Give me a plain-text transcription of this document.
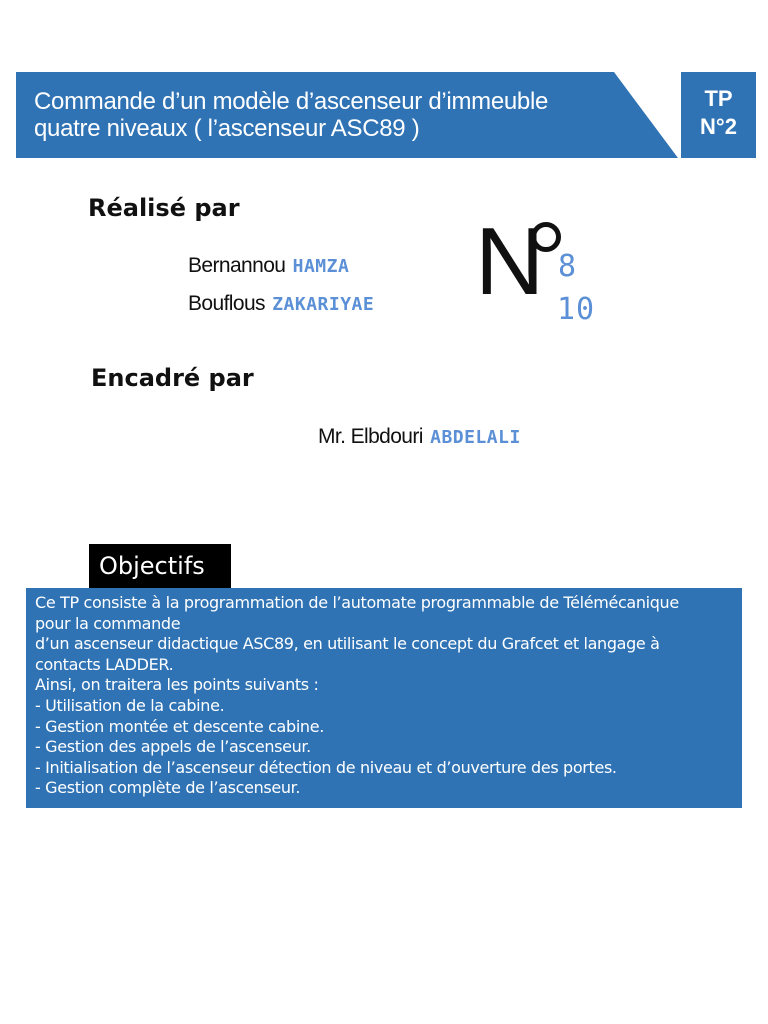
Commande d’un modèle d’ascenseur d’immeuble
quatre niveaux ( l’ascenseur ASC89 )
TP
N°2
Réalisé par
Bernannou HAMZA
Bouflous ZAKARIYAE N 8
10
Encadré par
Mr. Elbdouri ABDELALI
Objectifs
Ce TP consiste à la programmation de l’automate programmable de Télémécanique
pour la commande
d’un ascenseur didactique ASC89, en utilisant le concept du Grafcet et langage à
contacts LADDER.
Ainsi, on traitera les points suivants :
- Utilisation de la cabine.
- Gestion montée et descente cabine.
- Gestion des appels de l’ascenseur.
- Initialisation de l’ascenseur détection de niveau et d’ouverture des portes.
- Gestion complète de l’ascenseur.
